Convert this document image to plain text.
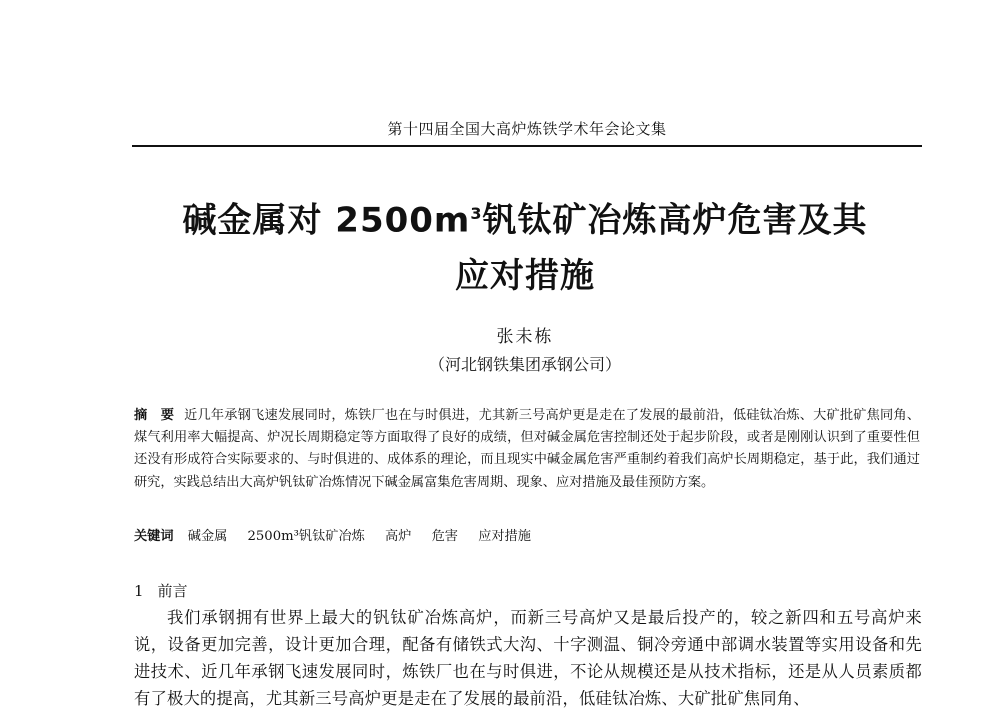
第十四届全国大高炉炼铁学术年会论文集
碱金属对 $2500m^3$钒钛矿冶炼高炉危害及其
应对措施
张未栋
（河北钢铁集团承钢公司）
摘　要 近几年承钢飞速发展同时，炼铁厂也在与时俱进，尤其新三号高炉更是走在了发展的最前沿，低硅钛冶炼、大矿批矿焦同角、煤气利用率大幅提高、炉况长周期稳定等方面取得了良好的成绩，但对碱金属危害控制还处于起步阶段，或者是刚刚认识到了重要性但还没有形成符合实际要求的、与时俱进的、成体系的理论，而且现实中碱金属危害严重制约着我们高炉长周期稳定，基于此，我们通过研究，实践总结出大高炉钒钛矿冶炼情况下碱金属富集危害周期、现象、应对措施及最佳预防方案。
关键词 碱金属 2500m³钒钛矿冶炼 高炉 危害 应对措施
1 前言
我们承钢拥有世界上最大的钒钛矿冶炼高炉，而新三号高炉又是最后投产的，较之新四和五号高炉来说，设备更加完善，设计更加合理，配备有储铁式大沟、十字测温、铜冷旁通中部调水装置等实用设备和先进技术、近几年承钢飞速发展同时，炼铁厂也在与时俱进，不论从规模还是从技术指标，还是从人员素质都有了极大的提高，尤其新三号高炉更是走在了发展的最前沿，低硅钛冶炼、大矿批矿焦同角、
